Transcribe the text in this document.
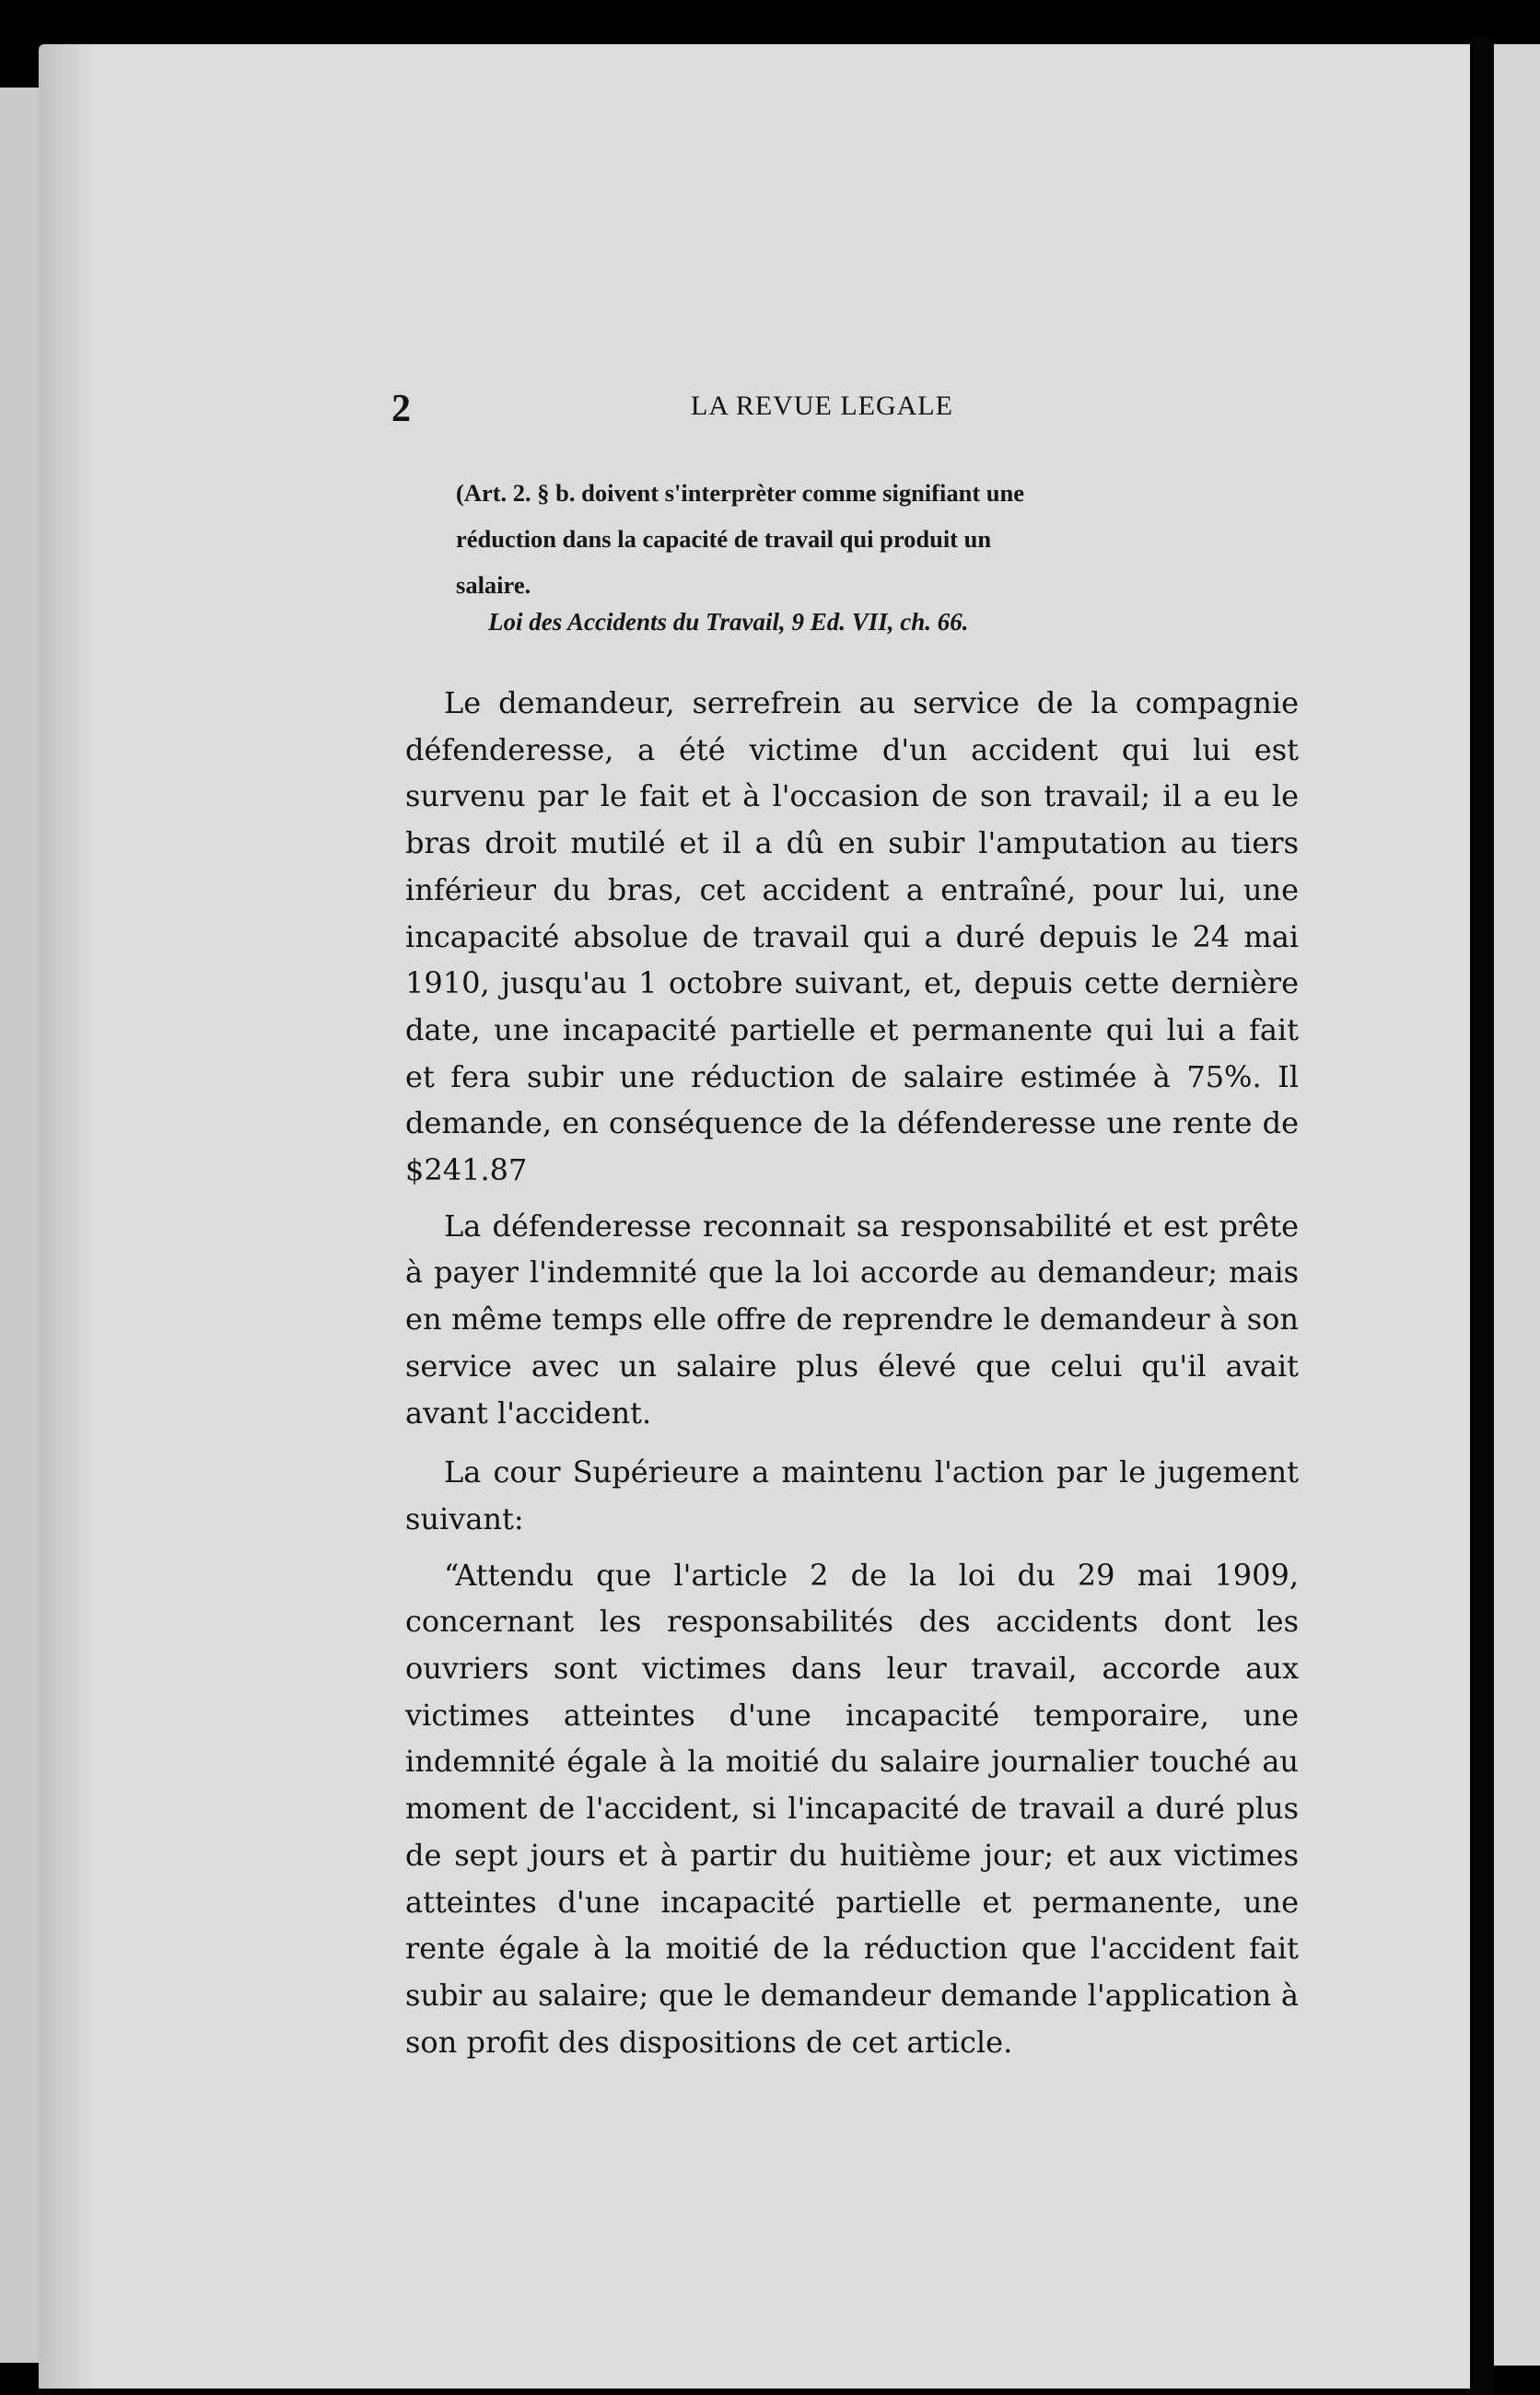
2	LA REVUE LEGALE
(Art. 2. § b. doivent s'interprèter comme signifiant une
réduction dans la capacité de travail qui produit un
salaire.
Loi des Accidents du Travail, 9 Ed. VII, ch. 66.

Le demandeur, serrefrein au service de la compagnie défenderesse, a été victime d'un accident qui lui est survenu par le fait et à l'occasion de son travail; il a eu le bras droit mutilé et il a dû en subir l'amputation au tiers inférieur du bras, cet accident a entraîné, pour lui, une incapacité absolue de travail qui a duré depuis le 24 mai 1910, jusqu'au 1 octobre suivant, et, depuis cette dernière date, une incapacité partielle et permanente qui lui a fait et fera subir une réduction de salaire estimée à 75%. Il demande, en conséquence de la défenderesse une rente de $241.87

La défenderesse reconnait sa responsabilité et est prête à payer l'indemnité que la loi accorde au demandeur; mais en même temps elle offre de reprendre le demandeur à son service avec un salaire plus élevé que celui qu'il avait avant l'accident.

La cour Supérieure a maintenu l'action par le jugement suivant:

“Attendu que l'article 2 de la loi du 29 mai 1909, concernant les responsabilités des accidents dont les ouvriers sont victimes dans leur travail, accorde aux victimes atteintes d'une incapacité temporaire, une indemnité égale à la moitié du salaire journalier touché au moment de l'accident, si l'incapacité de travail a duré plus de sept jours et à partir du huitième jour; et aux victimes atteintes d'une incapacité partielle et permanente, une rente égale à la moitié de la réduction que l'accident fait subir au salaire; que le demandeur demande l'application à son profit des dispositions de cet article.
